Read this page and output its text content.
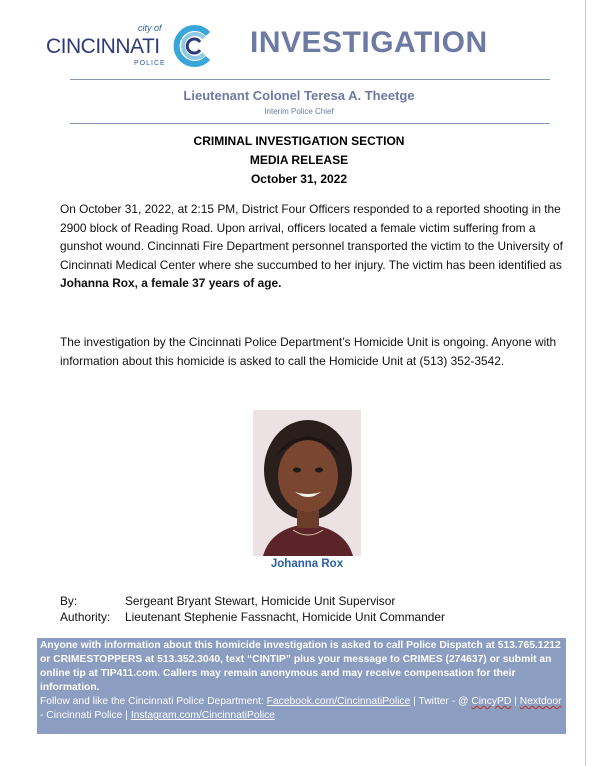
city of
CINCINNATI
POLICE
INVESTIGATION
Lieutenant Colonel Teresa A. Theetge
Interim Police Chief
CRIMINAL INVESTIGATION SECTION
MEDIA RELEASE
October 31, 2022
On October 31, 2022, at 2:15 PM, District Four Officers responded to a reported shooting in the 2900 block of Reading Road. Upon arrival, officers located a female victim suffering from a gunshot wound. Cincinnati Fire Department personnel transported the victim to the University of Cincinnati Medical Center where she succumbed to her injury. The victim has been identified as Johanna Rox, a female 37 years of age.
The investigation by the Cincinnati Police Department’s Homicide Unit is ongoing. Anyone with information about this homicide is asked to call the Homicide Unit at (513) 352-3542.
Johanna Rox
By:	Sergeant Bryant Stewart, Homicide Unit Supervisor
Authority: Lieutenant Stephenie Fassnacht, Homicide Unit Commander
Anyone with information about this homicide investigation is asked to call Police Dispatch at 513.765.1212 or CRIMESTOPPERS at 513.352.3040, text “CINTIP” plus your message to CRIMES (274637) or submit an online tip at TIP411.com. Callers may remain anonymous and may receive compensation for their information.
Follow and like the Cincinnati Police Department: Facebook.com/CincinnatiPolice | Twitter - @ CincyPD | Nextdoor - Cincinnati Police | Instagram.com/CincinnatiPolice
